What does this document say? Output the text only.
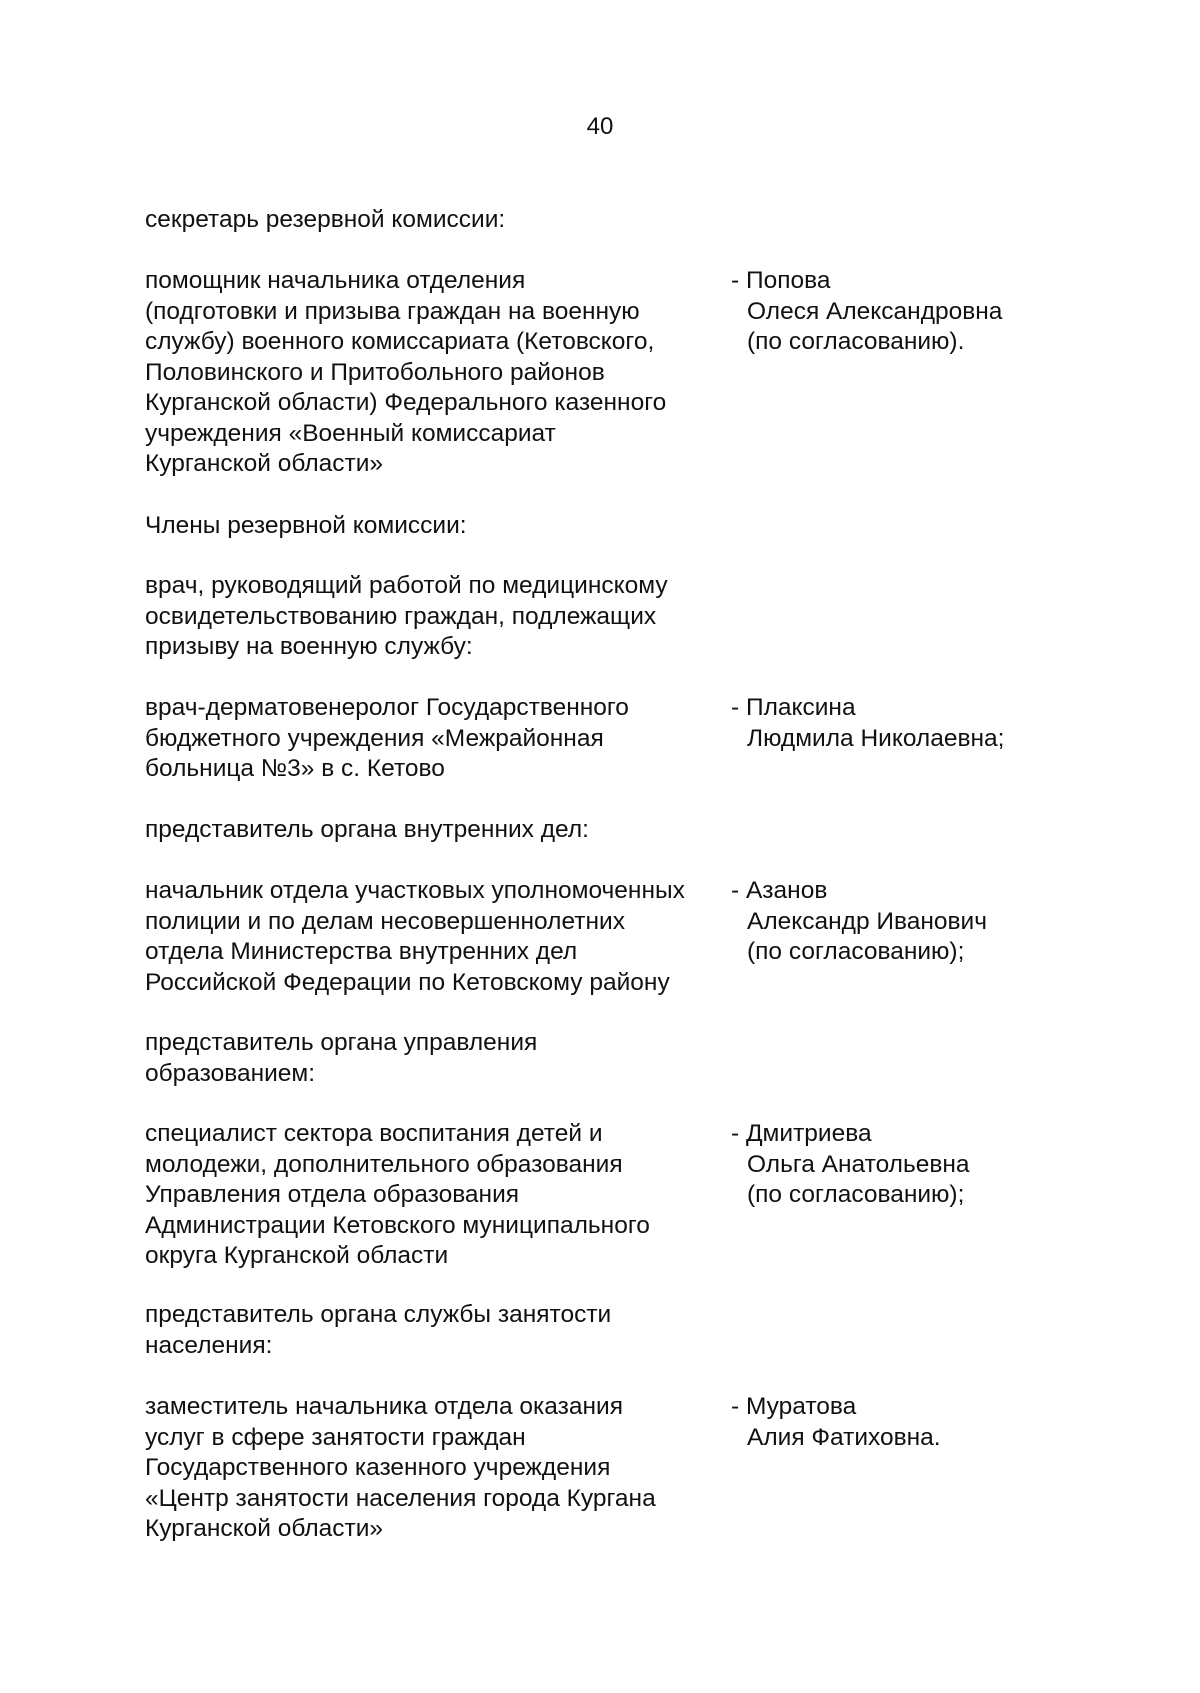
40
секретарь резервной комиссии:
помощник начальника отделения
(подготовки и призыва граждан на военную
службу) военного комиссариата (Кетовского,
Половинского и Притобольного районов
Курганской области) Федерального казенного
учреждения «Военный комиссариат
Курганской области»
- Попова
Олеся Александровна
(по согласованию).
Члены резервной комиссии:
врач, руководящий работой по медицинскому
освидетельствованию граждан, подлежащих
призыву на военную службу:
врач-дерматовенеролог Государственного
бюджетного учреждения «Межрайонная
больница №3» в с. Кетово
- Плаксина
Людмила Николаевна;
представитель органа внутренних дел:
начальник отдела участковых уполномоченных
полиции и по делам несовершеннолетних
отдела Министерства внутренних дел
Российской Федерации по Кетовскому району
- Азанов
Александр Иванович
(по согласованию);
представитель органа управления
образованием:
специалист сектора воспитания детей и
молодежи, дополнительного образования
Управления отдела образования
Администрации Кетовского муниципального
округа Курганской области
- Дмитриева
Ольга Анатольевна
(по согласованию);
представитель органа службы занятости
населения:
заместитель начальника отдела оказания
услуг в сфере занятости граждан
Государственного казенного учреждения
«Центр занятости населения города Кургана
Курганской области»
- Муратова
Алия Фатиховна.
